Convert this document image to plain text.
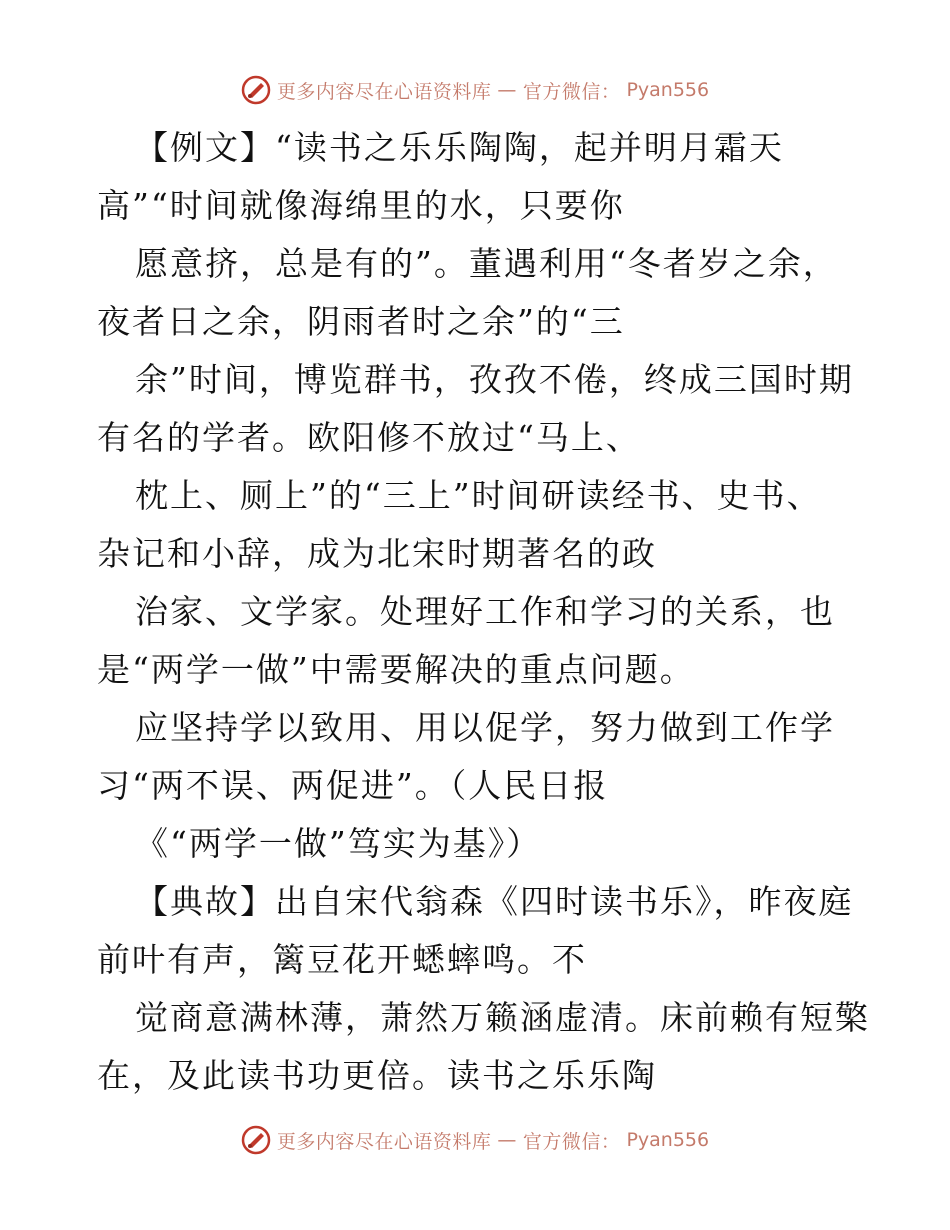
更多内容尽在心语资料库 — 官方微信： Pyan556
【例文】“读书之乐乐陶陶，起并明月霜天
高”“时间就像海绵里的水，只要你
愿意挤，总是有的”。董遇利用“冬者岁之余，
夜者日之余，阴雨者时之余”的“三
余”时间，博览群书，孜孜不倦，终成三国时期
有名的学者。欧阳修不放过“马上、
枕上、厕上”的“三上”时间研读经书、史书、
杂记和小辞，成为北宋时期著名的政
治家、文学家。处理好工作和学习的关系，也
是“两学一做”中需要解决的重点问题。
应坚持学以致用、用以促学，努力做到工作学
习“两不误、两促进”。（人民日报
《“两学一做”笃实为基》）
【典故】出自宋代翁森《四时读书乐》，昨夜庭
前叶有声，篱豆花开蟋蟀鸣。不
觉商意满林薄，萧然万籁涵虚清。床前赖有短檠
在，及此读书功更倍。读书之乐乐陶
更多内容尽在心语资料库 — 官方微信： Pyan556
